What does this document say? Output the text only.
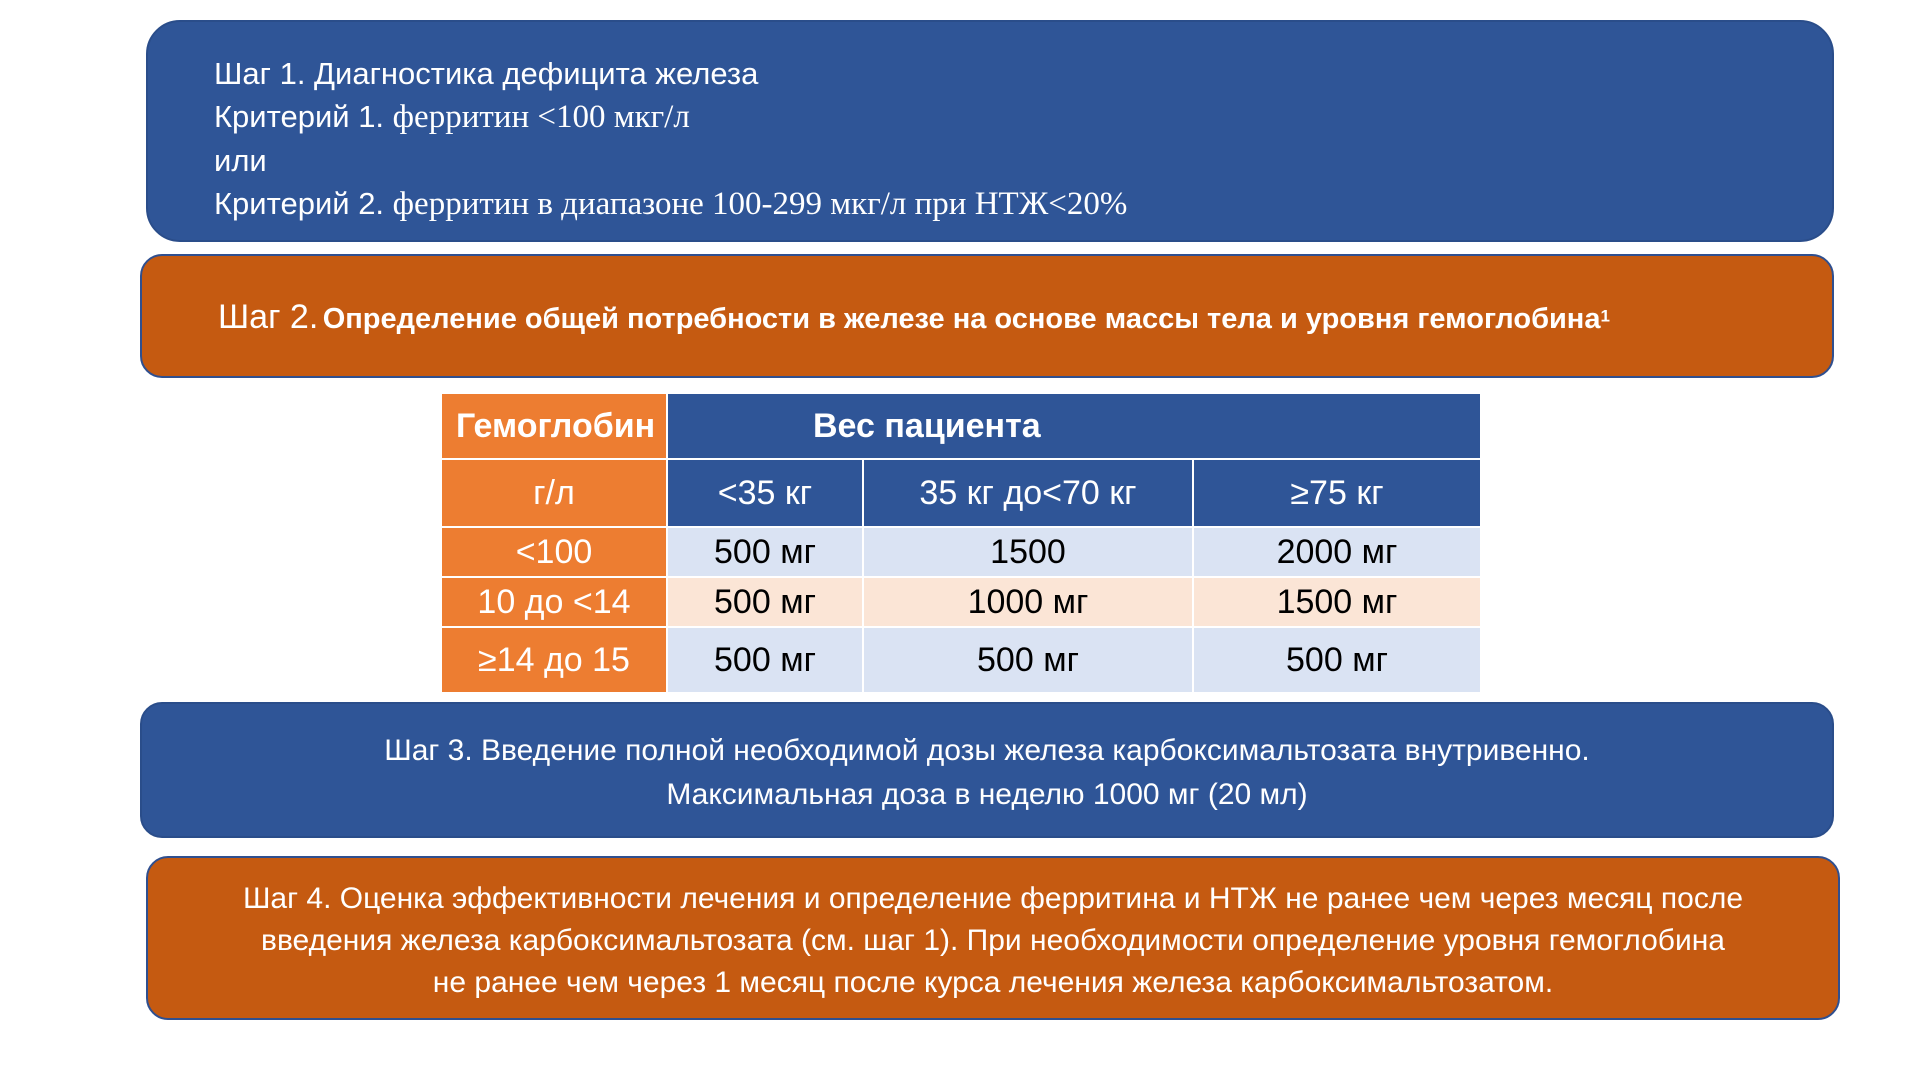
Шаг 1. Диагностика дефицита железа
Критерий 1. ферритин <100 мкг/л
или
Критерий 2. ферритин в диапазоне 100-299 мкг/л при НТЖ<20%
Шаг 2. Определение общей потребности в железе на основе массы тела и уровня гемоглобина$^1$
Гемоглобин	Вес пациента		
г/л	<35 кг	35 кг до<70 кг	≥75 кг
<100	500 мг	1500	2000 мг
10 до <14	500 мг	1000 мг	1500 мг
≥14 до 15	500 мг	500 мг	500 мг
Шаг 3. Введение полной необходимой дозы железа карбоксимальтозата внутривенно.
Максимальная доза в неделю 1000 мг (20 мл)
Шаг 4. Оценка эффективности лечения и определение ферритина и НТЖ не ранее чем через месяц после
введения железа карбоксимальтозата (см. шаг 1). При необходимости определение уровня гемоглобина
не ранее чем через 1 месяц после курса лечения железа карбоксимальтозатом.
